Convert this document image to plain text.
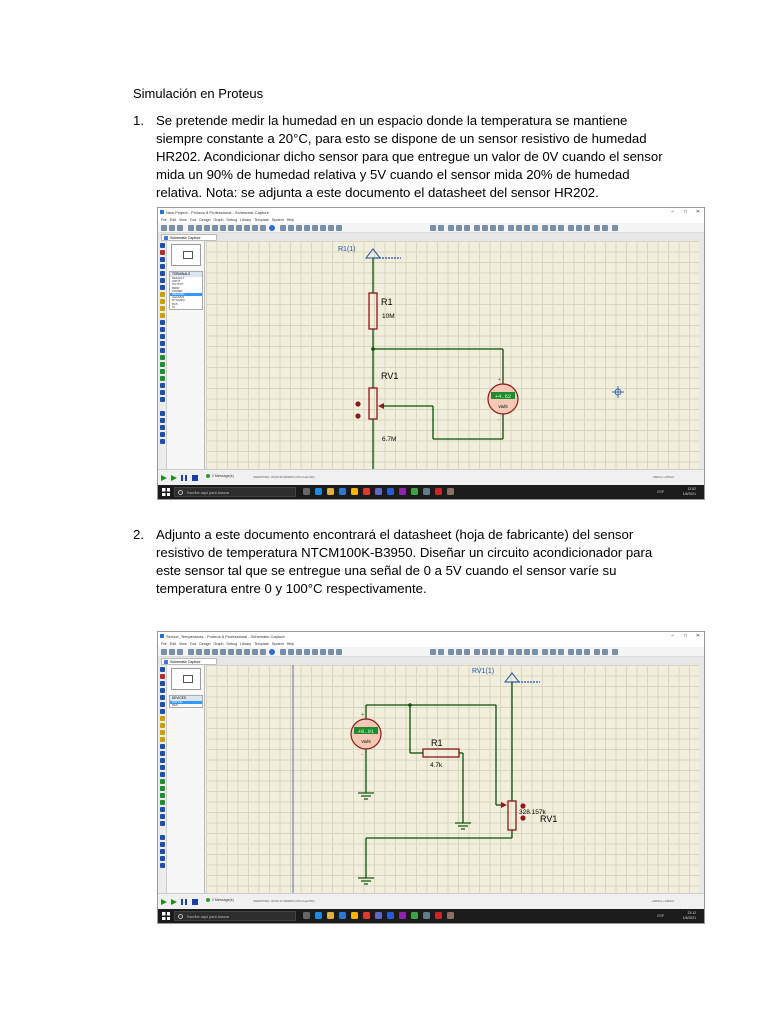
Simulación en Proteus
1. Se pretende medir la humedad en un espacio donde la temperatura se mantiene siempre constante a 20°C, para esto se dispone de un sensor resistivo de humedad HR202. Acondicionar dicho sensor para que entregue un valor de 0V cuando el sensor mida un 90% de humedad relativa y 5V cuando el sensor mida 20% de humedad relativa. Nota: se adjunta a este documento el datasheet del sensor HR202.
New Project - Proteus 8 Professional - Schematic Capture	– □ ✕
File Edit View Tool Design Graph Debug Library Template System Help
Schematic Capture
TERMINALS
DEFAULT
INPUT
OUTPUT
BIDIR
POWER
GROUND
CHASSIS
DYNAMIC
BUS
IO
R1(1)
R1
10M
RV1
6.7M
+4.62
Volts
+
-
2 Message(s)	ANIMATING: 00:00:26.900000 (CPU load 3%)	-3500.0 +3700.0
Escribe aquí para buscar	ESP
12:52
1/6/2021
2. Adjunto a este documento encontrará el datasheet (hoja de fabricante) del sensor resistivo de temperatura NTCM100K-B3950. Diseñar un circuito acondicionador para este sensor tal que se entregue una señal de 0 a 5V cuando el sensor varíe su temperatura entre 0 y 100°C respectivamente.
Sensor_Temperatura - Proteus 8 Professional - Schematic Capture	– □ ✕
File Edit View Tool Design Graph Debug Library Template System Help
Schematic Capture
DEVICES
POT-HG
RES
RV1(1)
R1
4.7k
328.157k
RV1
+0.01
Volts
+
-
2 Message(s)	ANIMATING: 00:00:17.000000 (CPU load 8%)	+2200.0 +1900.0
Escribe aquí para buscar	ESP
23:12
1/6/2021
